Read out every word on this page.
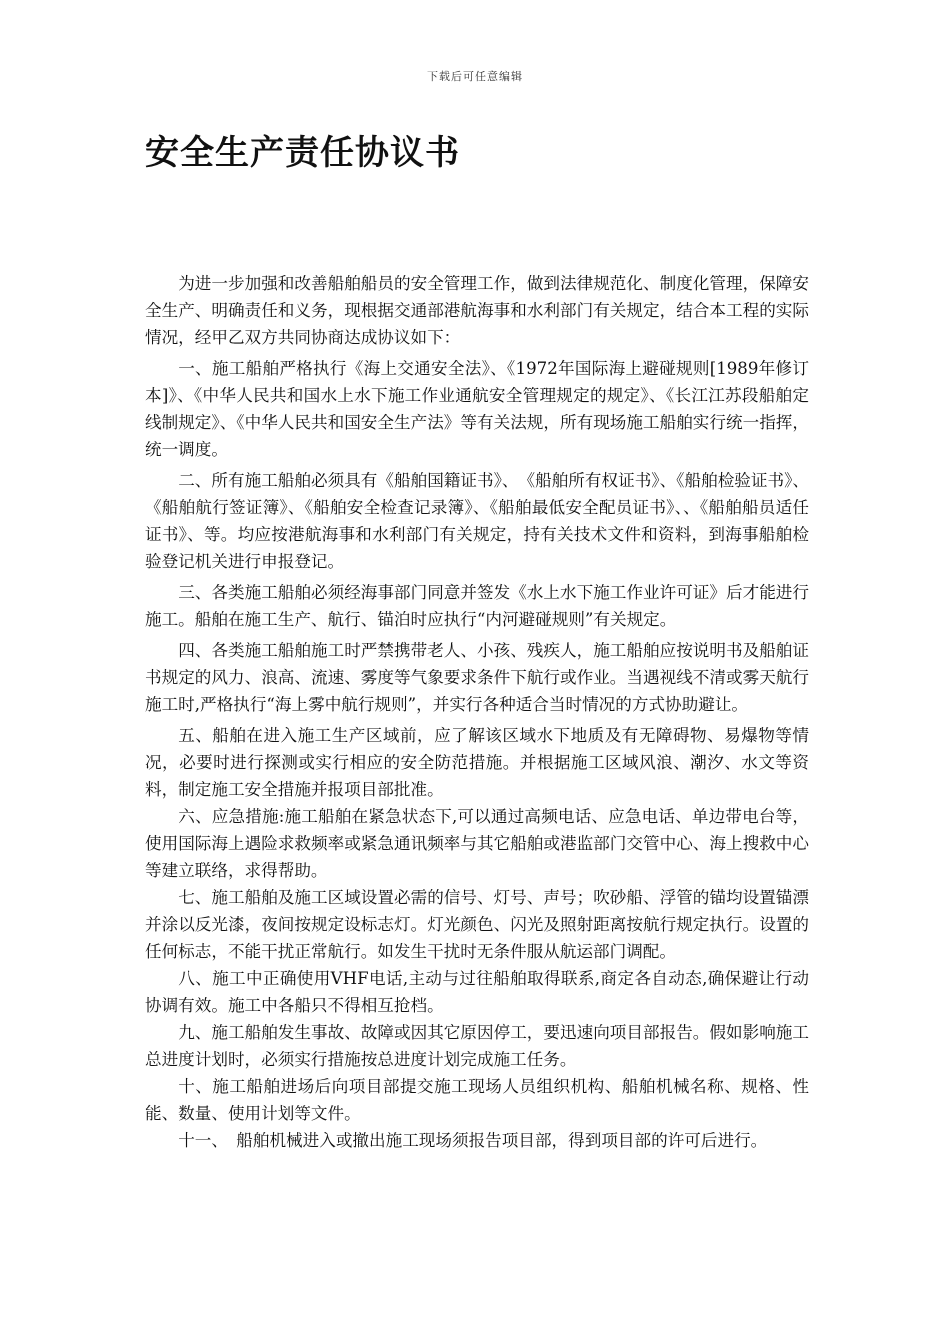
下载后可任意编辑
安全生产责任协议书

为进一步加强和改善船舶船员的安全管理工作，做到法律规范化、制度化管理，保障安全生产、明确责任和义务，现根据交通部港航海事和水利部门有关规定，结合本工程的实际情况，经甲乙双方共同协商达成协议如下：

一、施工船舶严格执行《海上交通安全法》、《1972年国际海上避碰规则[1989年修订本]》、《中华人民共和国水上水下施工作业通航安全管理规定的规定》、《长江江苏段船舶定线制规定》、《中华人民共和国安全生产法》等有关法规，所有现场施工船舶实行统一指挥，统一调度。

二、所有施工船舶必须具有《船舶国籍证书》、　《船舶所有权证书》、《船舶检验证书》、《船舶航行签证簿》、《船舶安全检查记录簿》、《船舶最低安全配员证书》、、《船舶船员适任证书》、等。均应按港航海事和水利部门有关规定，持有关技术文件和资料，到海事船舶检验登记机关进行申报登记。

三、各类施工船舶必须经海事部门同意并签发《水上水下施工作业许可证》后才能进行施工。船舶在施工生产、航行、锚泊时应执行“内河避碰规则”有关规定。

四、各类施工船舶施工时严禁携带老人、小孩、残疾人，施工船舶应按说明书及船舶证书规定的风力、浪高、流速、雾度等气象要求条件下航行或作业。当遇视线不清或雾天航行施工时,严格执行“海上雾中航行规则”，并实行各种适合当时情况的方式协助避让。

五、船舶在进入施工生产区域前，应了解该区域水下地质及有无障碍物、易爆物等情况，必要时进行探测或实行相应的安全防范措施。并根据施工区域风浪、潮汐、水文等资料，制定施工安全措施并报项目部批准。

六、应急措施:施工船舶在紧急状态下,可以通过高频电话、应急电话、单边带电台等，使用国际海上遇险求救频率或紧急通讯频率与其它船舶或港监部门交管中心、海上搜救中心等建立联络，求得帮助。

七、施工船舶及施工区域设置必需的信号、灯号、声号；吹砂船、浮管的锚均设置锚漂并涂以反光漆，夜间按规定设标志灯。灯光颜色、闪光及照射距离按航行规定执行。设置的任何标志，不能干扰正常航行。如发生干扰时无条件服从航运部门调配。

八、施工中正确使用VHF电话,主动与过往船舶取得联系,商定各自动态,确保避让行动协调有效。施工中各船只不得相互抢档。

九、施工船舶发生事故、故障或因其它原因停工，要迅速向项目部报告。假如影响施工总进度计划时，必须实行措施按总进度计划完成施工任务。

十、施工船舶进场后向项目部提交施工现场人员组织机构、船舶机械名称、规格、性能、数量、使用计划等文件。

十一、　船舶机械进入或撤出施工现场须报告项目部，得到项目部的许可后进行。
